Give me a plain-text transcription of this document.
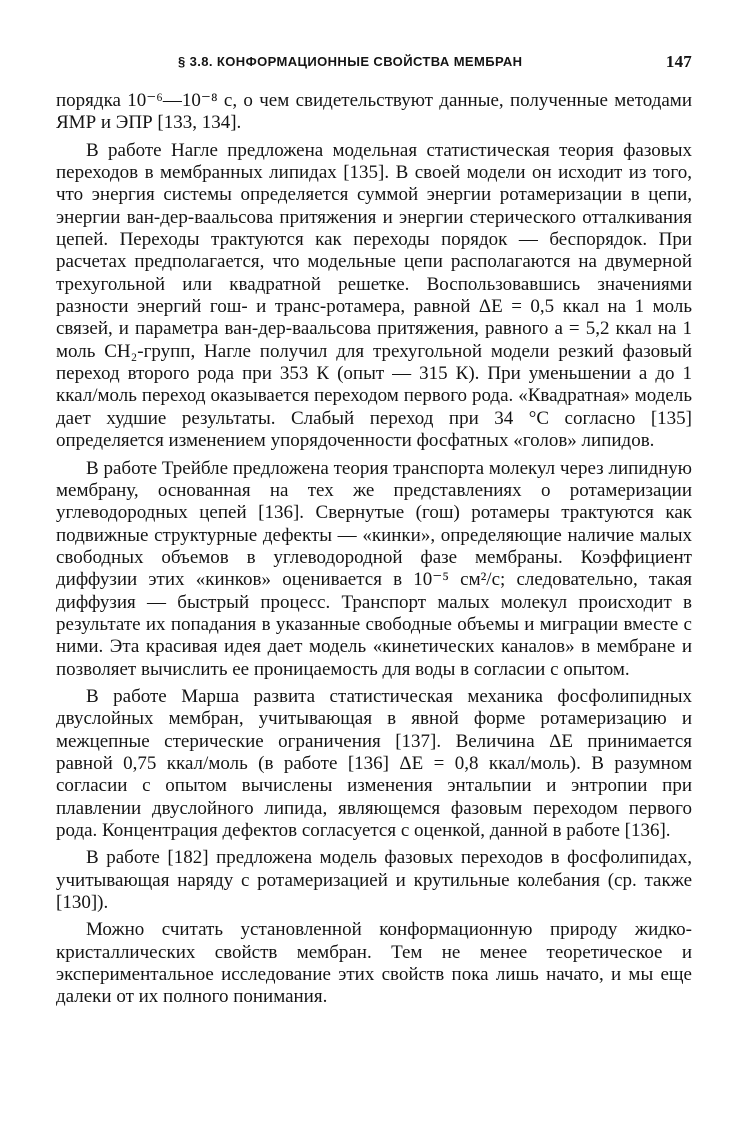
§ 3.8. КОНФОРМАЦИОННЫЕ СВОЙСТВА МЕМБРАН	147

порядка 10⁻⁶—10⁻⁸ с, о чем свидетельствуют данные, полученные методами ЯМР и ЭПР [133, 134].

В работе Нагле предложена модельная статистическая теория фазовых переходов в мембранных липидах [135]. В своей модели он исходит из того, что энергия системы определяется суммой энергии ротамеризации в цепи, энергии ван-дер-ваальсова притяжения и энергии стерического отталкивания цепей. Переходы трактуются как переходы порядок — беспорядок. При расчетах предполагается, что модельные цепи располагаются на двумерной трехугольной или квадратной решетке. Воспользовавшись значениями разности энергий гош- и транс-ротамера, равной ΔE = 0,5 ккал на 1 моль связей, и параметра ван-дер-ваальсова притяжения, равного a = 5,2 ккал на 1 моль CH₂-групп, Нагле получил для трехугольной модели резкий фазовый переход второго рода при 353 К (опыт — 315 К). При уменьшении a до 1 ккал/моль переход оказывается переходом первого рода. «Квадратная» модель дает худшие результаты. Слабый переход при 34 °С согласно [135] определяется изменением упорядоченности фосфатных «голов» липидов.

В работе Трейбле предложена теория транспорта молекул через липидную мембрану, основанная на тех же представлениях о ротамеризации углеводородных цепей [136]. Свернутые (гош) ротамеры трактуются как подвижные структурные дефекты — «кинки», определяющие наличие малых свободных объемов в углеводородной фазе мембраны. Коэффициент диффузии этих «кинков» оценивается в 10⁻⁵ см²/с; следовательно, такая диффузия — быстрый процесс. Транспорт малых молекул происходит в результате их попадания в указанные свободные объемы и миграции вместе с ними. Эта красивая идея дает модель «кинетических каналов» в мембране и позволяет вычислить ее проницаемость для воды в согласии с опытом.

В работе Марша развита статистическая механика фосфолипидных двуслойных мембран, учитывающая в явной форме ротамеризацию и межцепные стерические ограничения [137]. Величина ΔE принимается равной 0,75 ккал/моль (в работе [136] ΔE = 0,8 ккал/моль). В разумном согласии с опытом вычислены изменения энтальпии и энтропии при плавлении двуслойного липида, являющемся фазовым переходом первого рода. Концентрация дефектов согласуется с оценкой, данной в работе [136].

В работе [182] предложена модель фазовых переходов в фосфолипидах, учитывающая наряду с ротамеризацией и крутильные колебания (ср. также [130]).

Можно считать установленной конформационную природу жидко-кристаллических свойств мембран. Тем не менее теоретическое и экспериментальное исследование этих свойств пока лишь начато, и мы еще далеки от их полного понимания.
